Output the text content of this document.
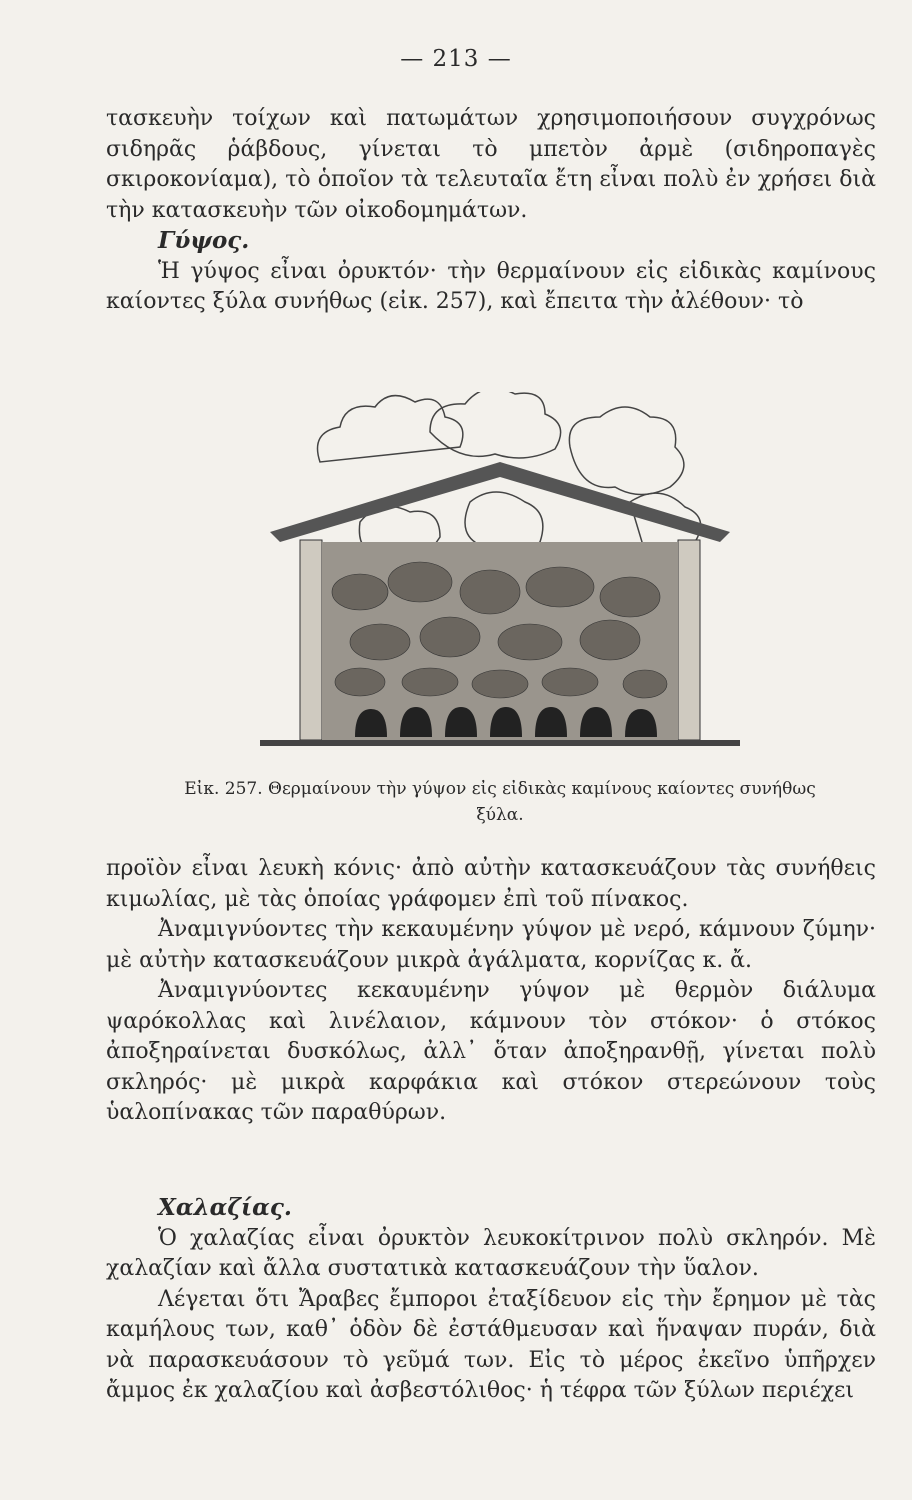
— 213 —

τασκευὴν τοίχων καὶ πατωμάτων χρησιμοποιήσουν συγχρόνως σιδηρᾶς ῥάβδους, γίνεται τὸ μπετὸν ἀρμὲ (σιδηροπαγὲς σκιροκονίαμα), τὸ ὁποῖον τὰ τελευταῖα ἔτη εἶναι πολὺ ἐν χρήσει διὰ τὴν κατασκευὴν τῶν οἰκοδομημάτων.

Γύψος.

Ἡ γύψος εἶναι ὀρυκτόν· τὴν θερμαίνουν εἰς εἰδικὰς καμίνους καίοντες ξύλα συνήθως (εἰκ. 257), καὶ ἔπειτα τὴν ἀλέθουν· τὸ

Εἰκ. 257. Θερμαίνουν τὴν γύψον εἰς εἰδικὰς καμίνους καίοντες συνήθως ξύλα.

προϊὸν εἶναι λευκὴ κόνις· ἀπὸ αὐτὴν κατασκευάζουν τὰς συνήθεις κιμωλίας, μὲ τὰς ὁποίας γράφομεν ἐπὶ τοῦ πίνακος.

Ἀναμιγνύοντες τὴν κεκαυμένην γύψον μὲ νερό, κάμνουν ζύμην· μὲ αὐτὴν κατασκευάζουν μικρὰ ἀγάλματα, κορνίζας κ. ἄ.

Ἀναμιγνύοντες κεκαυμένην γύψον μὲ θερμὸν διάλυμα ψαρόκολλας καὶ λινέλαιον, κάμνουν τὸν στόκον· ὁ στόκος ἀποξηραίνεται δυσκόλως, ἀλλ᾽ ὅταν ἀποξηρανθῇ, γίνεται πολὺ σκληρός· μὲ μικρὰ καρφάκια καὶ στόκον στερεώνουν τοὺς ὑαλοπίνακας τῶν παραθύρων.

Χαλαζίας.

Ὁ χαλαζίας εἶναι ὀρυκτὸν λευκοκίτρινον πολὺ σκληρόν. Μὲ χαλαζίαν καὶ ἄλλα συστατικὰ κατασκευάζουν τὴν ὕαλον.

Λέγεται ὅτι Ἄραβες ἔμποροι ἐταξίδευον εἰς τὴν ἔρημον μὲ τὰς καμήλους των, καθ᾽ ὁδὸν δὲ ἐστάθμευσαν καὶ ἥναψαν πυράν, διὰ νὰ παρασκευάσουν τὸ γεῦμά των. Εἰς τὸ μέρος ἐκεῖνο ὑπῆρχεν ἄμμος ἐκ χαλαζίου καὶ ἀσβεστόλιθος· ἡ τέφρα τῶν ξύλων περιέχει
